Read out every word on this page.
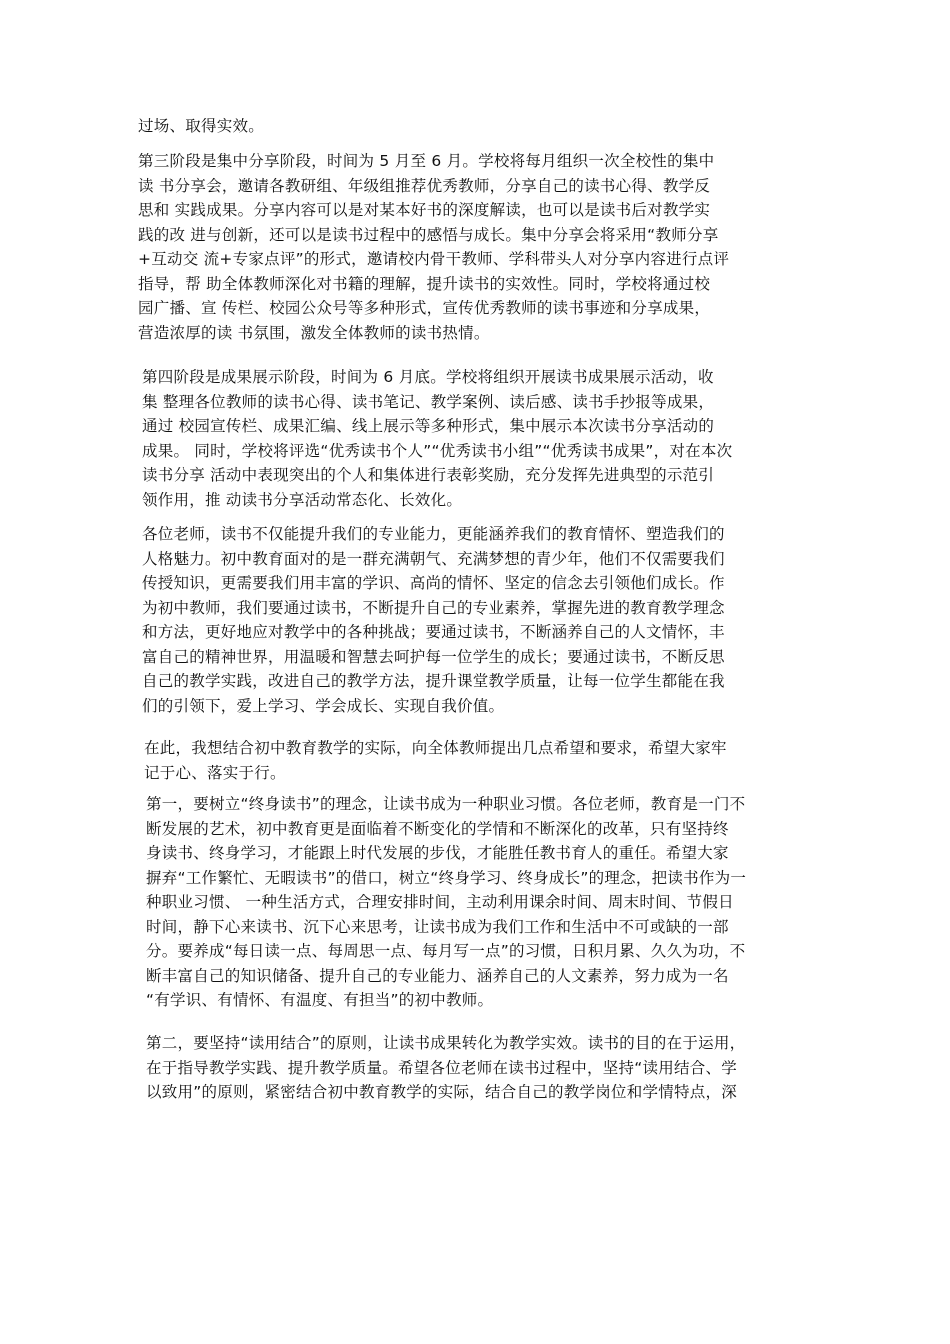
过场、取得实效。
第三阶段是集中分享阶段，时间为 5 月至 6 月。学校将每月组织一次全校性的集中
读 书分享会，邀请各教研组、年级组推荐优秀教师，分享自己的读书心得、教学反
思和 实践成果。分享内容可以是对某本好书的深度解读，也可以是读书后对教学实
践的改 进与创新，还可以是读书过程中的感悟与成长。集中分享会将采用“教师分享
+互动交 流+专家点评”的形式，邀请校内骨干教师、学科带头人对分享内容进行点评
指导，帮 助全体教师深化对书籍的理解，提升读书的实效性。同时，学校将通过校
园广播、宣 传栏、校园公众号等多种形式，宣传优秀教师的读书事迹和分享成果，
营造浓厚的读 书氛围，激发全体教师的读书热情。
第四阶段是成果展示阶段，时间为 6 月底。学校将组织开展读书成果展示活动，收
集 整理各位教师的读书心得、读书笔记、教学案例、读后感、读书手抄报等成果，
通过 校园宣传栏、成果汇编、线上展示等多种形式，集中展示本次读书分享活动的
成果。 同时，学校将评选“优秀读书个人”“优秀读书小组”“优秀读书成果”，对在本次
读书分享 活动中表现突出的个人和集体进行表彰奖励，充分发挥先进典型的示范引
领作用，推 动读书分享活动常态化、长效化。
各位老师，读书不仅能提升我们的专业能力，更能涵养我们的教育情怀、塑造我们的
人格魅力。初中教育面对的是一群充满朝气、充满梦想的青少年，他们不仅需要我们
传授知识，更需要我们用丰富的学识、高尚的情怀、坚定的信念去引领他们成长。作
为初中教师，我们要通过读书，不断提升自己的专业素养，掌握先进的教育教学理念
和方法，更好地应对教学中的各种挑战；要通过读书，不断涵养自己的人文情怀，丰
富自己的精神世界，用温暖和智慧去呵护每一位学生的成长；要通过读书，不断反思
自己的教学实践，改进自己的教学方法，提升课堂教学质量，让每一位学生都能在我
们的引领下，爱上学习、学会成长、实现自我价值。
在此，我想结合初中教育教学的实际，向全体教师提出几点希望和要求，希望大家牢
记于心、落实于行。
第一，要树立“终身读书”的理念，让读书成为一种职业习惯。各位老师，教育是一门不
断发展的艺术，初中教育更是面临着不断变化的学情和不断深化的改革，只有坚持终
身读书、终身学习，才能跟上时代发展的步伐，才能胜任教书育人的重任。希望大家
摒弃“工作繁忙、无暇读书”的借口，树立“终身学习、终身成长”的理念，把读书作为一
种职业习惯、 一种生活方式，合理安排时间，主动利用课余时间、周末时间、节假日
时间，静下心来读书、沉下心来思考，让读书成为我们工作和生活中不可或缺的一部
分。要养成“每日读一点、每周思一点、每月写一点”的习惯，日积月累、久久为功，不
断丰富自己的知识储备、提升自己的专业能力、涵养自己的人文素养，努力成为一名
“有学识、有情怀、有温度、有担当”的初中教师。
第二，要坚持“读用结合”的原则，让读书成果转化为教学实效。读书的目的在于运用，
在于指导教学实践、提升教学质量。希望各位老师在读书过程中，坚持“读用结合、学
以致用”的原则，紧密结合初中教育教学的实际，结合自己的教学岗位和学情特点，深
